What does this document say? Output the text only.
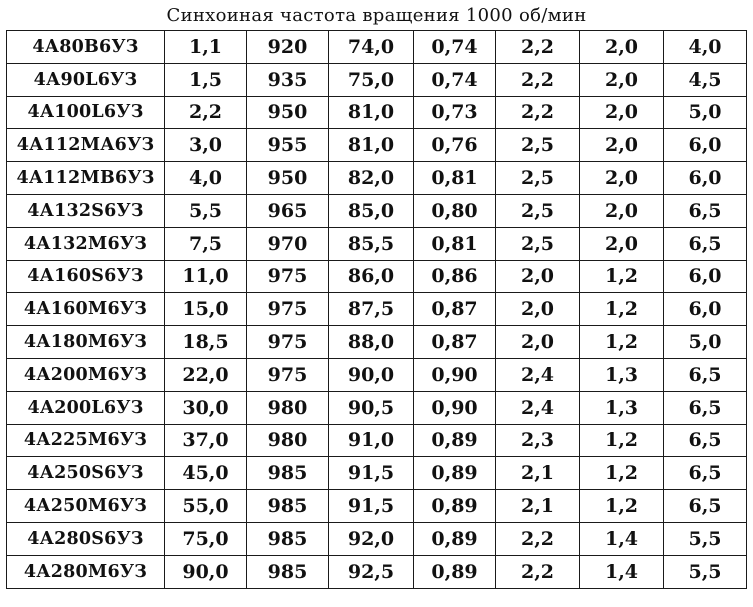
Синхоиная частота вращения 1000 об/мин							
4А80В6УЗ	1,1	920	74,0	0,74	2,2	2,0	4,0
4А90L6УЗ	1,5	935	75,0	0,74	2,2	2,0	4,5
4А100L6УЗ	2,2	950	81,0	0,73	2,2	2,0	5,0
4А112МА6УЗ	3,0	955	81,0	0,76	2,5	2,0	6,0
4А112МВ6УЗ	4,0	950	82,0	0,81	2,5	2,0	6,0
4А132S6УЗ	5,5	965	85,0	0,80	2,5	2,0	6,5
4А132М6УЗ	7,5	970	85,5	0,81	2,5	2,0	6,5
4А160S6УЗ	11,0	975	86,0	0,86	2,0	1,2	6,0
4А160М6УЗ	15,0	975	87,5	0,87	2,0	1,2	6,0
4А180М6УЗ	18,5	975	88,0	0,87	2,0	1,2	5,0
4А200М6УЗ	22,0	975	90,0	0,90	2,4	1,3	6,5
4А200L6УЗ	30,0	980	90,5	0,90	2,4	1,3	6,5
4А225М6УЗ	37,0	980	91,0	0,89	2,3	1,2	6,5
4А250S6УЗ	45,0	985	91,5	0,89	2,1	1,2	6,5
4А250М6УЗ	55,0	985	91,5	0,89	2,1	1,2	6,5
4А280S6УЗ	75,0	985	92,0	0,89	2,2	1,4	5,5
4А280М6УЗ	90,0	985	92,5	0,89	2,2	1,4	5,5
